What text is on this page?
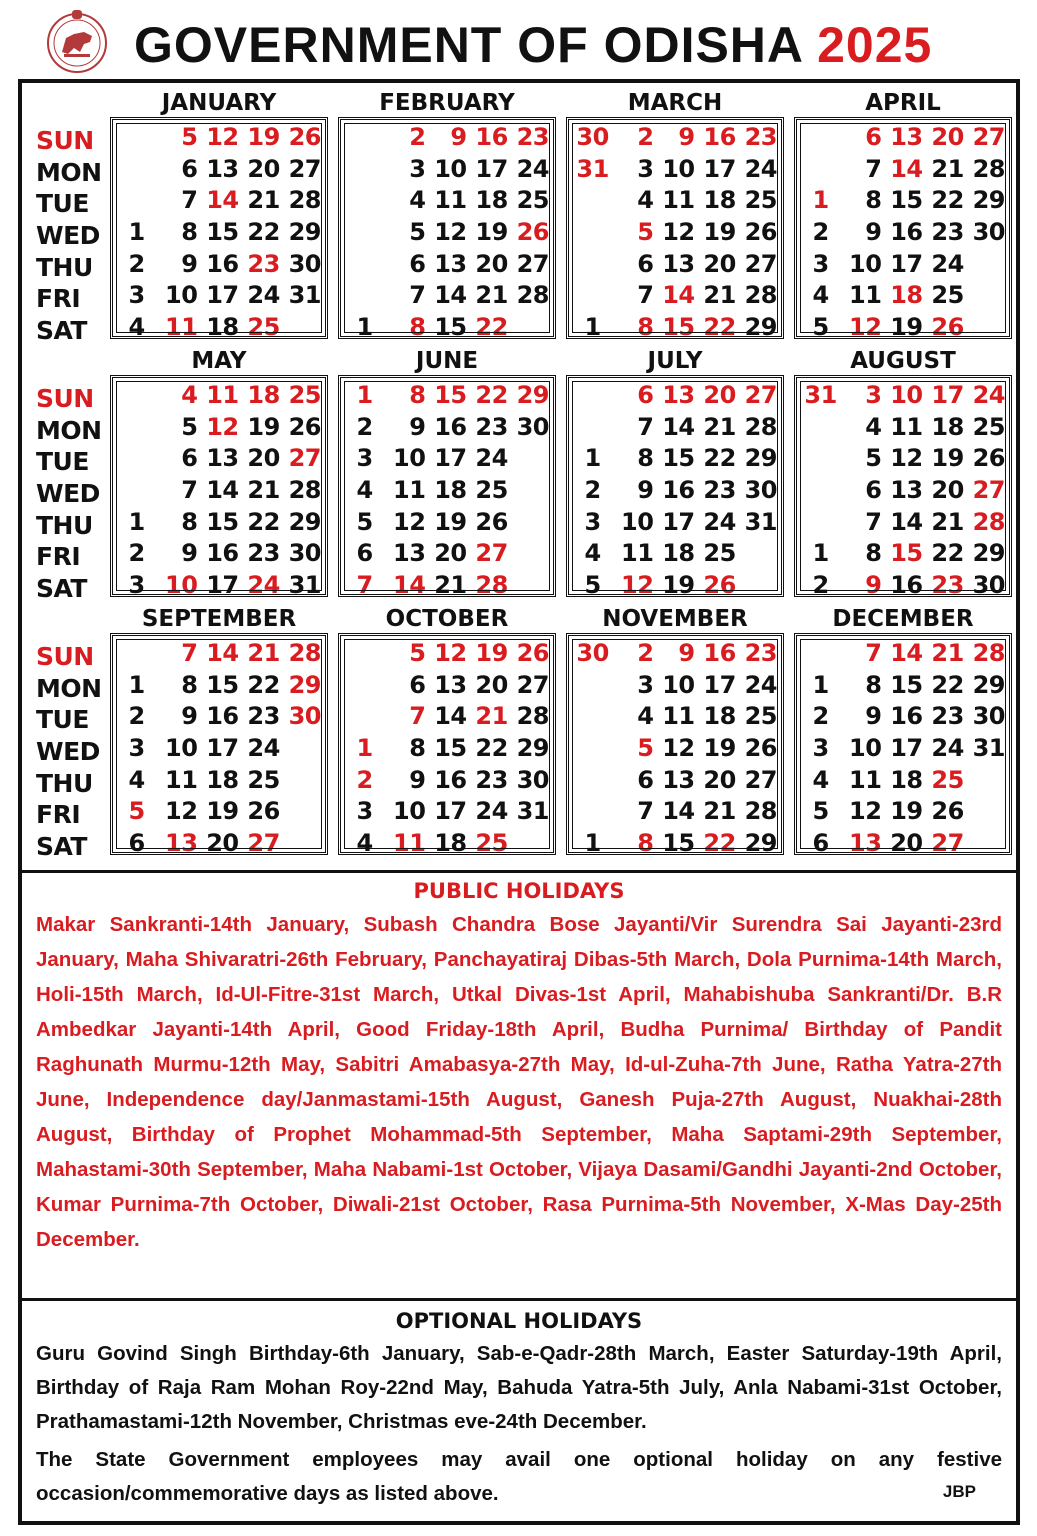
GOVERNMENT OF ODISHA 2025
SUN
MON
TUE
WED
THU
FRI
SAT
JANUARY
5 12 19 26
6 13 20 27
7 14 21 28
1	8 15 22 29
2	9 16 23 30
3 10 17 24 31
4 11 18 25
FEBRUARY
2	9 16 23
3 10 17 24
4 11 18 25
5 12 19 26
6 13 20 27
7 14 21 28
1	8 15 22
MARCH
30	2	9 16 23
31	3 10 17 24
4 11 18 25
5 12 19 26
6 13 20 27
7 14 21 28
1	8 15 22 29
APRIL
6 13 20 27
7 14 21 28
1	8 15 22 29
2	9 16 23 30
3 10 17 24
4 11 18 25
5 12 19 26
SUN
MON
TUE
WED
THU
FRI
SAT
MAY
4 11 18 25
5 12 19 26
6 13 20 27
7 14 21 28
1	8 15 22 29
2	9 16 23 30
3 10 17 24 31
JUNE
1	8 15 22 29
2	9 16 23 30
3 10 17 24
4 11 18 25
5 12 19 26
6 13 20 27
7 14 21 28
JULY
6 13 20 27
7 14 21 28
1	8 15 22 29
2	9 16 23 30
3 10 17 24 31
4 11 18 25
5 12 19 26
AUGUST
31	3 10 17 24
4 11 18 25
5 12 19 26
6 13 20 27
7 14 21 28
1	8 15 22 29
2	9 16 23 30
SUN
MON
TUE
WED
THU
FRI
SAT
SEPTEMBER
7 14 21 28
1	8 15 22 29
2	9 16 23 30
3 10 17 24
4 11 18 25
5 12 19 26
6 13 20 27
OCTOBER
5 12 19 26
6 13 20 27
7 14 21 28
1	8 15 22 29
2	9 16 23 30
3 10 17 24 31
4 11 18 25
NOVEMBER
30	2	9 16 23
3 10 17 24
4 11 18 25
5 12 19 26
6 13 20 27
7 14 21 28
1	8 15 22 29
DECEMBER
7 14 21 28
1	8 15 22 29
2	9 16 23 30
3 10 17 24 31
4 11 18 25
5 12 19 26
6 13 20 27
PUBLIC HOLIDAYS
Makar Sankranti-14th January, Subash Chandra Bose Jayanti/Vir Surendra Sai Jayanti-23rd January, Maha Shivaratri-26th February, Panchayatiraj Dibas-5th March, Dola Purnima-14th March, Holi-15th March, Id-Ul-Fitre-31st March, Utkal Divas-1st April, Mahabishuba Sankranti/Dr. B.R Ambedkar Jayanti-14th April, Good Friday-18th April, Budha Purnima/ Birthday of Pandit Raghunath Murmu-12th May, Sabitri Amabasya-27th May, Id-ul-Zuha-7th June, Ratha Yatra-27th June, Independence day/Janmastami-15th August, Ganesh Puja-27th August, Nuakhai-28th August, Birthday of Prophet Mohammad-5th September, Maha Saptami-29th September, Mahastami-30th September, Maha Nabami-1st October, Vijaya Dasami/Gandhi Jayanti-2nd October, Kumar Purnima-7th October, Diwali-21st October, Rasa Purnima-5th November, X-Mas Day-25th December.
OPTIONAL HOLIDAYS
Guru Govind Singh Birthday-6th January, Sab-e-Qadr-28th March, Easter Saturday-19th April, Birthday of Raja Ram Mohan Roy-22nd May, Bahuda Yatra-5th July, Anla Nabami-31st October, Prathamastami-12th November, Christmas eve-24th December.
The State Government employees may avail one optional holiday on any festive occasion/commemorative days as listed above.	JBP
